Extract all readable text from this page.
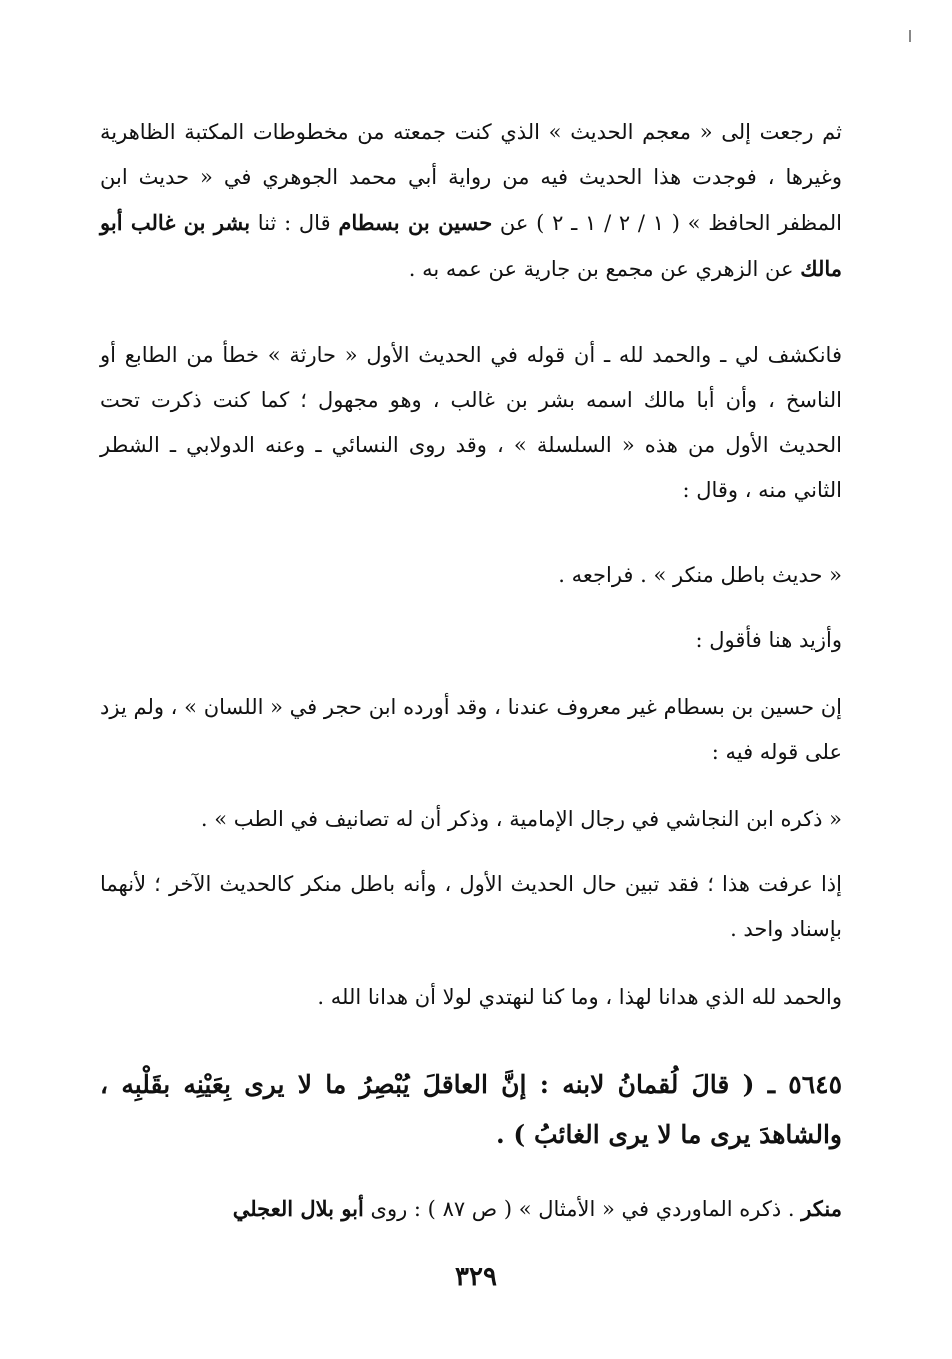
ثم رجعت إلى « معجم الحديث » الذي كنت جمعته من مخطوطات المكتبة الظاهرية وغيرها ، فوجدت هذا الحديث فيه من رواية أبي محمد الجوهري في « حديث ابن المظفر الحافظ » ( ١ / ٢ / ١ ـ ٢ ) عن حسين بن بسطام قال : ثنا بشر بن غالب أبو مالك عن الزهري عن مجمع بن جارية عن عمه به .

فانكشف لي ـ والحمد لله ـ أن قوله في الحديث الأول « حارثة » خطأ من الطابع أو الناسخ ، وأن أبا مالك اسمه بشر بن غالب ، وهو مجهول ؛ كما كنت ذكرت تحت الحديث الأول من هذه « السلسلة » ، وقد روى النسائي ـ وعنه الدولابي ـ الشطر الثاني منه ، وقال :

« حديث باطل منكر » . فراجعه .

وأزيد هنا فأقول :

إن حسين بن بسطام غير معروف عندنا ، وقد أورده ابن حجر في « اللسان » ، ولم يزد على قوله فيه :

« ذكره ابن النجاشي في رجال الإمامية ، وذكر أن له تصانيف في الطب » .

إذا عرفت هذا ؛ فقد تبين حال الحديث الأول ، وأنه باطل منكر كالحديث الآخر ؛ لأنهما بإسناد واحد .

والحمد لله الذي هدانا لهذا ، وما كنا لنهتدي لولا أن هدانا الله .

٥٦٤٥ ـ ( قالَ لُقمانُ لابنه : إنَّ العاقلَ يُبْصِرُ ما لا يرى بِعَيْنِه بقَلْبِه ، والشاهدَ يرى ما لا يرى الغائبُ ) .

منكر . ذكره الماوردي في « الأمثال » ( ص ٨٧ ) : روى أبو بلال العجلي

٣٢٩
